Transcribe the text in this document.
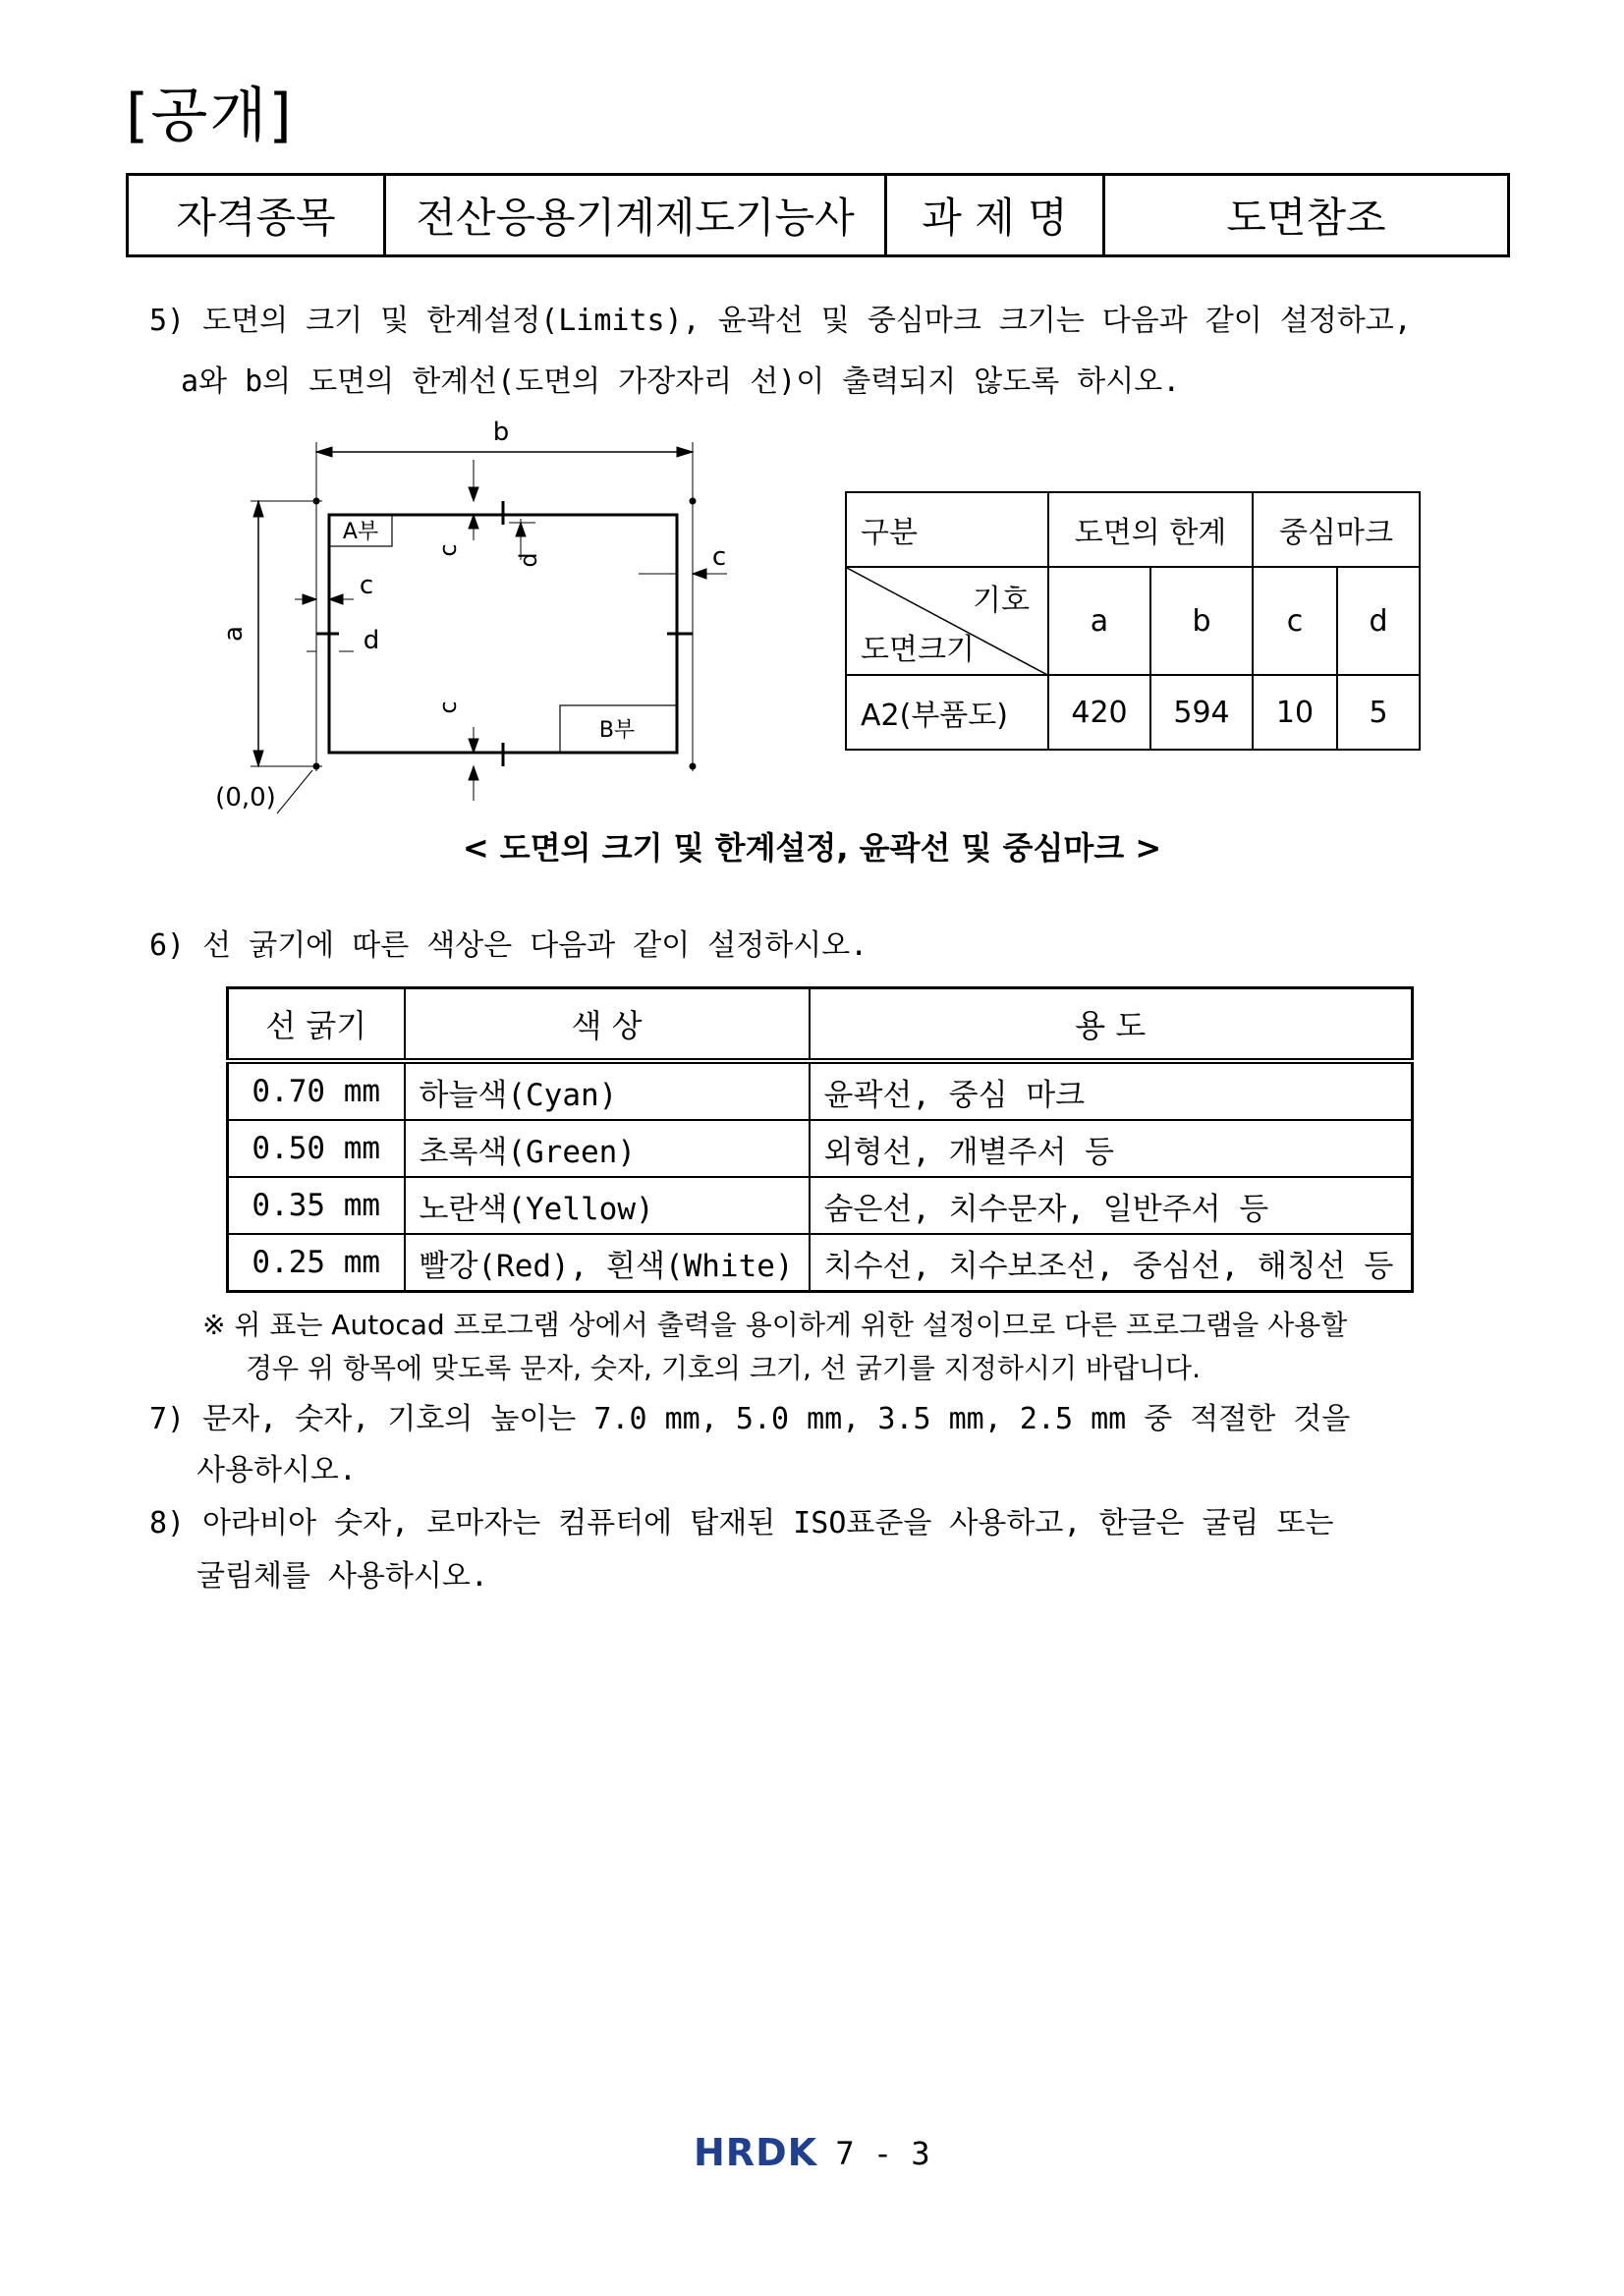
[공개]
자격종목	전산응용기계제도기능사	과 제 명	도면참조
5) 도면의 크기 및 한계설정(Limits), 윤곽선 및 중심마크 크기는 다음과 같이 설정하고,
a와 b의 도면의 한계선(도면의 가장자리 선)이 출력되지 않도록 하시오.
b
a
c
d	c
c
d
c
A부
B부
(0,0)
구분	도면의 한계		중심마크	

기호
도면크기	a	b	c	d
A2(부품도)	420	594	10	5
< 도면의 크기 및 한계설정, 윤곽선 및 중심마크 >
6) 선 굵기에 따른 색상은 다음과 같이 설정하시오.
선 굵기	색 상	용 도
0.70 mm	하늘색(Cyan)	윤곽선, 중심 마크
0.50 mm	초록색(Green)	외형선, 개별주서 등
0.35 mm	노란색(Yellow)	숨은선, 치수문자, 일반주서 등
0.25 mm	빨강(Red), 흰색(White)	치수선, 치수보조선, 중심선, 해칭선 등
※ 위 표는 Autocad 프로그램 상에서 출력을 용이하게 위한 설정이므로 다른 프로그램을 사용할
경우 위 항목에 맞도록 문자, 숫자, 기호의 크기, 선 굵기를 지정하시기 바랍니다.
7) 문자, 숫자, 기호의 높이는 7.0 mm, 5.0 mm, 3.5 mm, 2.5 mm 중 적절한 것을
사용하시오.
8) 아라비아 숫자, 로마자는 컴퓨터에 탑재된 ISO표준을 사용하고, 한글은 굴림 또는
굴림체를 사용하시오.
HRDK 7 - 3
